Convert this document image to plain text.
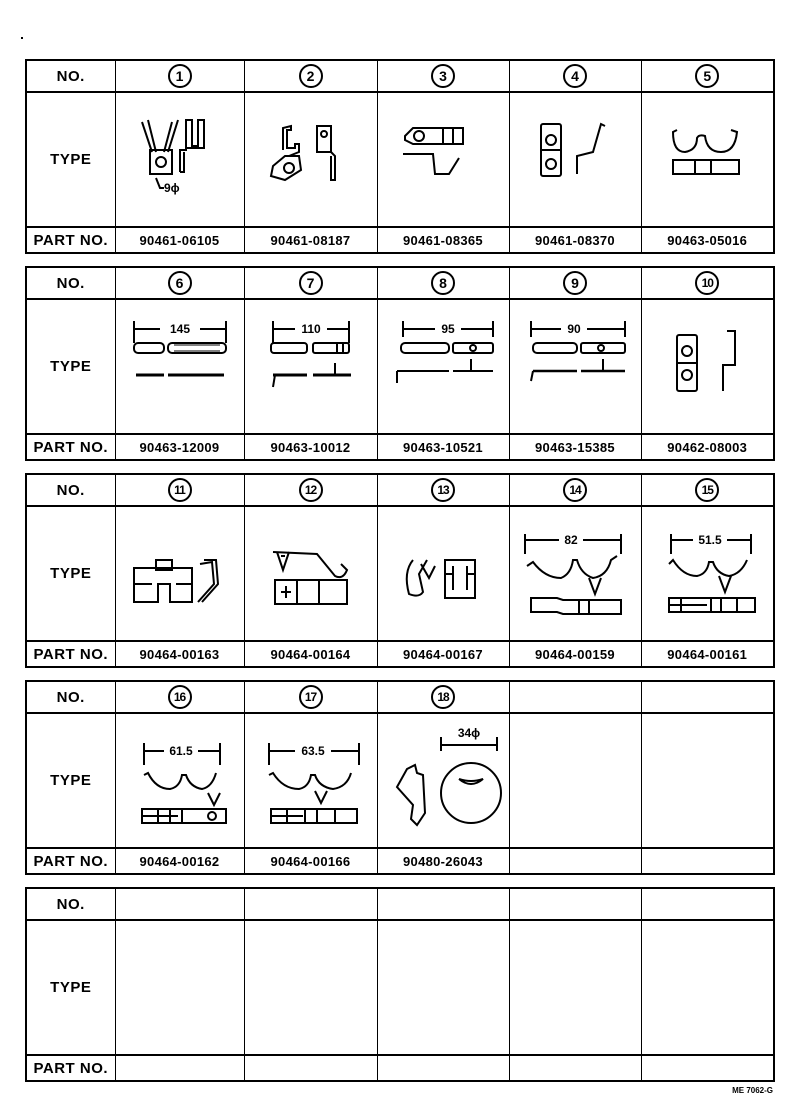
NO.	1	2	3	4	5
TYPE	9ϕ

PART NO.	90461-06105	90461-08187	90461-08365	90461-08370	90463-05016
NO.	6	7	8	9	10
TYPE	145	110	95	90

PART NO.	90463-12009	90463-10012	90463-10521	90463-15385	90462-08003
NO.	11	12	13	14	15
TYPE				82	51.5

PART NO.	90464-00163	90464-00164	90464-00167	90464-00159	90464-00161
NO.	16	17	18		
TYPE	61.5	63.5	34ϕ		

PART NO.	90464-00162	90464-00166	90480-26043		
NO.					
TYPE					
PART NO.					
ME 7062-G
